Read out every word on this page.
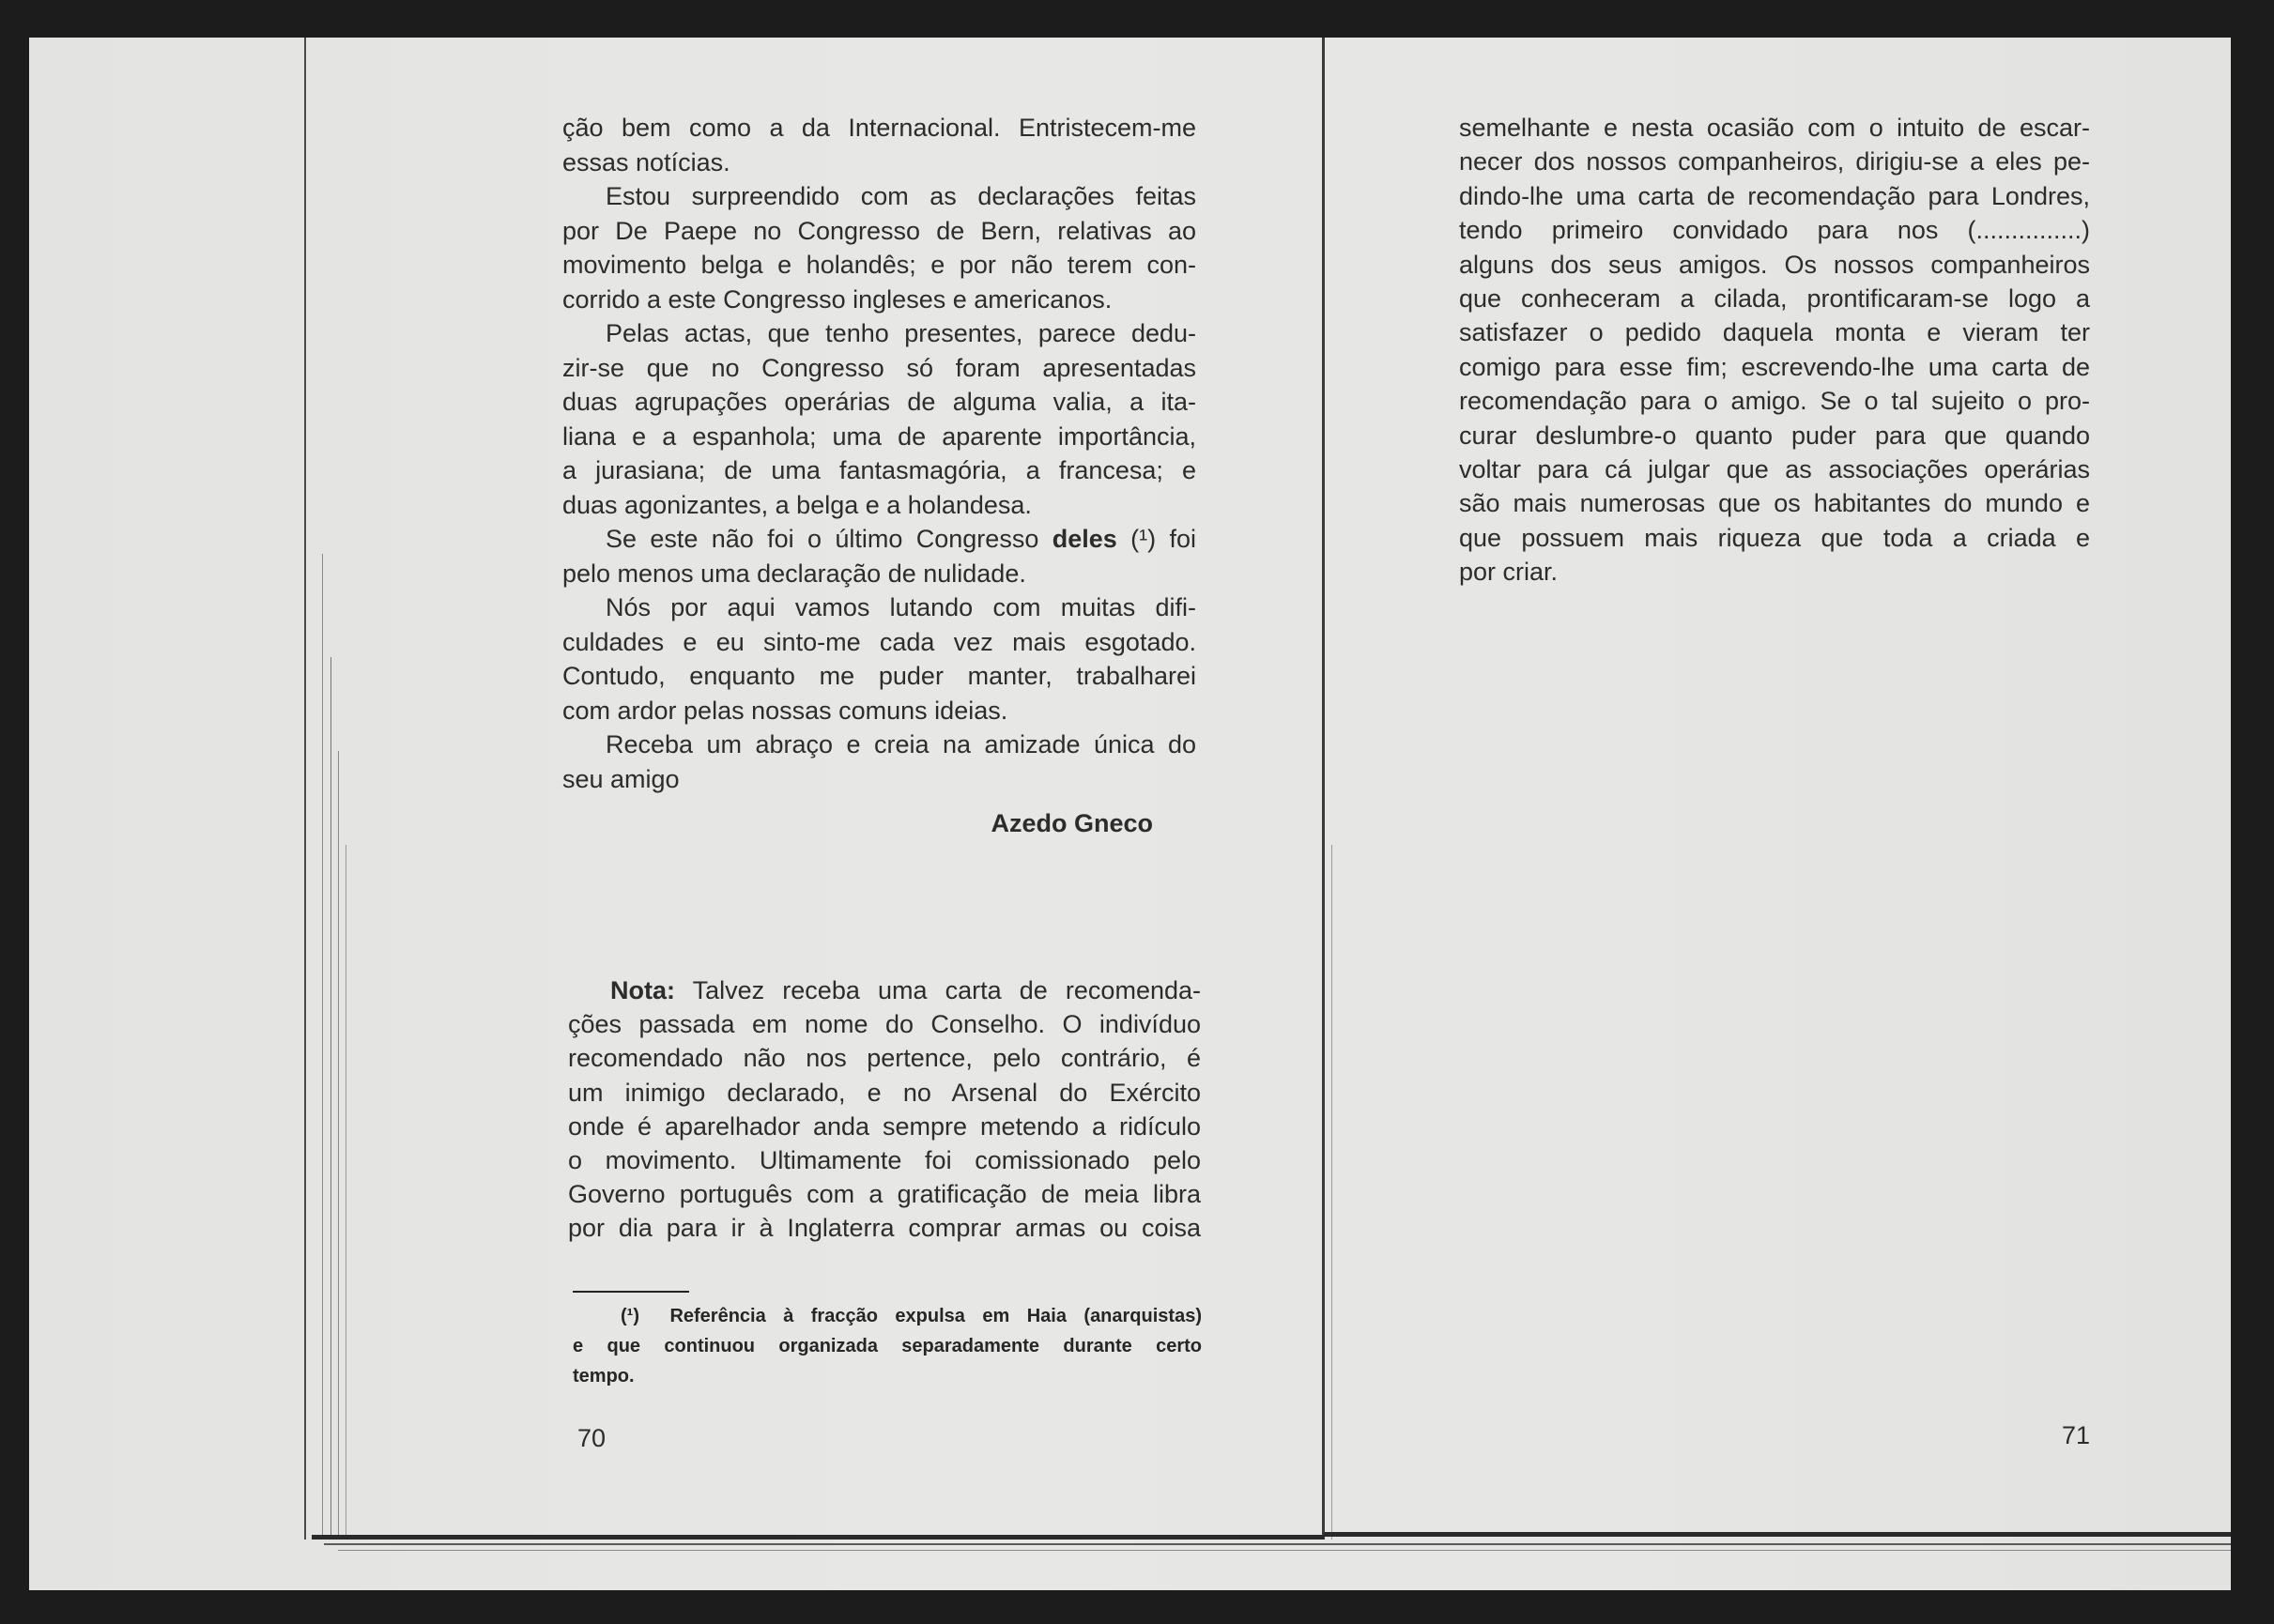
ção bem como a da Internacional. Entristecem-me
essas notícias.
Estou surpreendido com as declarações feitas
por De Paepe no Congresso de Bern, relativas ao
movimento belga e holandês; e por não terem con-
corrido a este Congresso ingleses e americanos.
Pelas actas, que tenho presentes, parece dedu-
zir-se que no Congresso só foram apresentadas
duas agrupações operárias de alguma valia, a ita-
liana e a espanhola; uma de aparente importância,
a jurasiana; de uma fantasmagória, a francesa; e
duas agonizantes, a belga e a holandesa.
Se este não foi o último Congresso deles (¹) foi
pelo menos uma declaração de nulidade.
Nós por aqui vamos lutando com muitas difi-
culdades e eu sinto-me cada vez mais esgotado.
Contudo, enquanto me puder manter, trabalharei
com ardor pelas nossas comuns ideias.
Receba um abraço e creia na amizade única do
seu amigo
Azedo Gneco
Nota: Talvez receba uma carta de recomenda-
ções passada em nome do Conselho. O indivíduo
recomendado não nos pertence, pelo contrário, é
um inimigo declarado, e no Arsenal do Exército
onde é aparelhador anda sempre metendo a ridículo
o movimento. Ultimamente foi comissionado pelo
Governo português com a gratificação de meia libra
por dia para ir à Inglaterra comprar armas ou coisa
(¹) Referência à fracção expulsa em Haia (anarquistas)
e que continuou organizada separadamente durante certo
tempo.
70
semelhante e nesta ocasião com o intuito de escar-
necer dos nossos companheiros, dirigiu-se a eles pe-
dindo-lhe uma carta de recomendação para Londres,
tendo primeiro convidado para nos (...............)
alguns dos seus amigos. Os nossos companheiros
que conheceram a cilada, prontificaram-se logo a
satisfazer o pedido daquela monta e vieram ter
comigo para esse fim; escrevendo-lhe uma carta de
recomendação para o amigo. Se o tal sujeito o pro-
curar deslumbre-o quanto puder para que quando
voltar para cá julgar que as associações operárias
são mais numerosas que os habitantes do mundo e
que possuem mais riqueza que toda a criada e
por criar.
71
